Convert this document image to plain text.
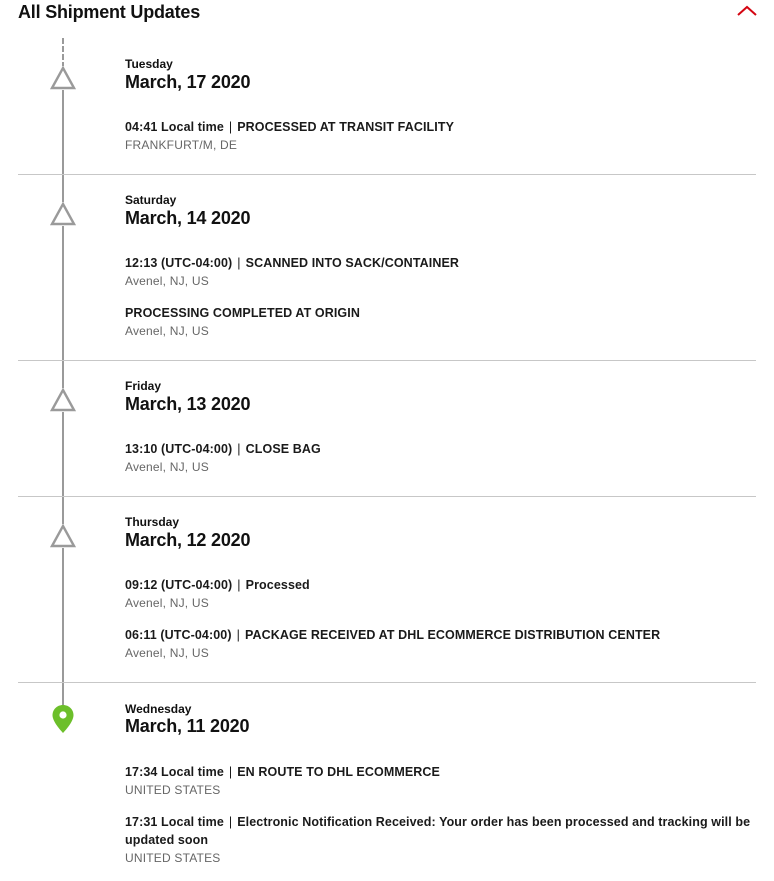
All Shipment Updates
Tuesday
March, 17 2020
04:41 Local time | PROCESSED AT TRANSIT FACILITY
FRANKFURT/M, DE
Saturday
March, 14 2020
12:13 (UTC-04:00) | SCANNED INTO SACK/CONTAINER
Avenel, NJ, US
PROCESSING COMPLETED AT ORIGIN
Avenel, NJ, US
Friday
March, 13 2020
13:10 (UTC-04:00) | CLOSE BAG
Avenel, NJ, US
Thursday
March, 12 2020
09:12 (UTC-04:00) | Processed
Avenel, NJ, US
06:11 (UTC-04:00) | PACKAGE RECEIVED AT DHL ECOMMERCE DISTRIBUTION CENTER
Avenel, NJ, US
Wednesday
March, 11 2020
17:34 Local time | EN ROUTE TO DHL ECOMMERCE
UNITED STATES
17:31 Local time | Electronic Notification Received: Your order has been processed and tracking will be updated soon
UNITED STATES
